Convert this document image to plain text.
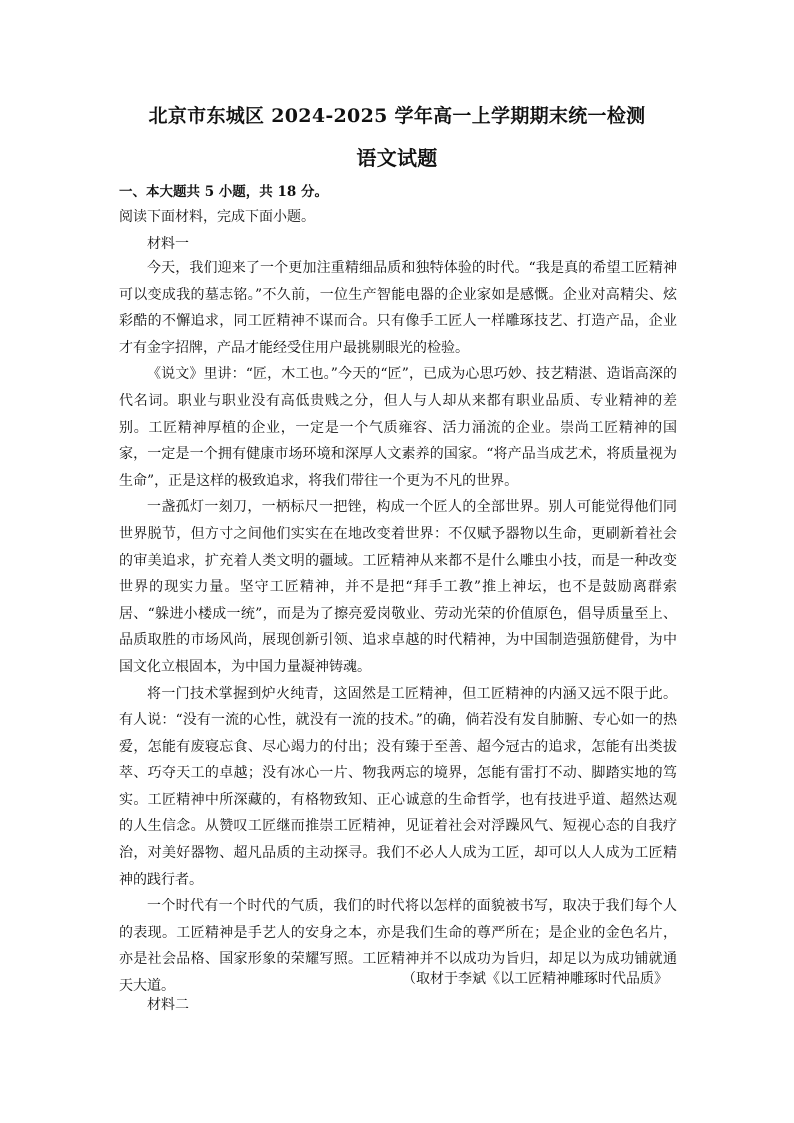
北京市东城区 2024-2025 学年高一上学期期末统一检测
语文试题
一、本大题共 5 小题，共 18 分。
阅读下面材料，完成下面小题。
材料一

今天，我们迎来了一个更加注重精细品质和独特体验的时代。“我是真的希望工匠精神可以变成我的墓志铭。”不久前，一位生产智能电器的企业家如是感慨。企业对高精尖、炫彩酷的不懈追求，同工匠精神不谋而合。只有像手工匠人一样雕琢技艺、打造产品，企业才有金字招牌，产品才能经受住用户最挑剔眼光的检验。

《说文》里讲：“匠，木工也。”今天的“匠”，已成为心思巧妙、技艺精湛、造诣高深的代名词。职业与职业没有高低贵贱之分，但人与人却从来都有职业品质、专业精神的差别。工匠精神厚植的企业，一定是一个气质雍容、活力涌流的企业。崇尚工匠精神的国家，一定是一个拥有健康市场环境和深厚人文素养的国家。“将产品当成艺术，将质量视为生命”，正是这样的极致追求，将我们带往一个更为不凡的世界。

一盏孤灯一刻刀，一柄标尺一把锉，构成一个匠人的全部世界。别人可能觉得他们同世界脱节，但方寸之间他们实实在在地改变着世界：不仅赋予器物以生命，更刷新着社会的审美追求，扩充着人类文明的疆域。工匠精神从来都不是什么雕虫小技，而是一种改变世界的现实力量。坚守工匠精神，并不是把“拜手工教”推上神坛，也不是鼓励离群索居、“躲进小楼成一统”，而是为了擦亮爱岗敬业、劳动光荣的价值原色，倡导质量至上、品质取胜的市场风尚，展现创新引领、追求卓越的时代精神，为中国制造强筋健骨，为中国文化立根固本，为中国力量凝神铸魂。

将一门技术掌握到炉火纯青，这固然是工匠精神，但工匠精神的内涵又远不限于此。有人说：“没有一流的心性，就没有一流的技术。”的确，倘若没有发自肺腑、专心如一的热爱，怎能有废寝忘食、尽心竭力的付出；没有臻于至善、超今冠古的追求，怎能有出类拔萃、巧夺天工的卓越；没有冰心一片、物我两忘的境界，怎能有雷打不动、脚踏实地的笃实。工匠精神中所深藏的，有格物致知、正心诚意的生命哲学，也有技进乎道、超然达观的人生信念。从赞叹工匠继而推崇工匠精神，见证着社会对浮躁风气、短视心态的自我疗治，对美好器物、超凡品质的主动探寻。我们不必人人成为工匠，却可以人人成为工匠精神的践行者。

一个时代有一个时代的气质，我们的时代将以怎样的面貌被书写，取决于我们每个人的表现。工匠精神是手艺人的安身之本，亦是我们生命的尊严所在；是企业的金色名片，亦是社会品格、国家形象的荣耀写照。工匠精神并不以成功为旨归，却足以为成功铺就通天大道。	（取材于李斌《以工匠精神雕琢时代品质》
材料二
